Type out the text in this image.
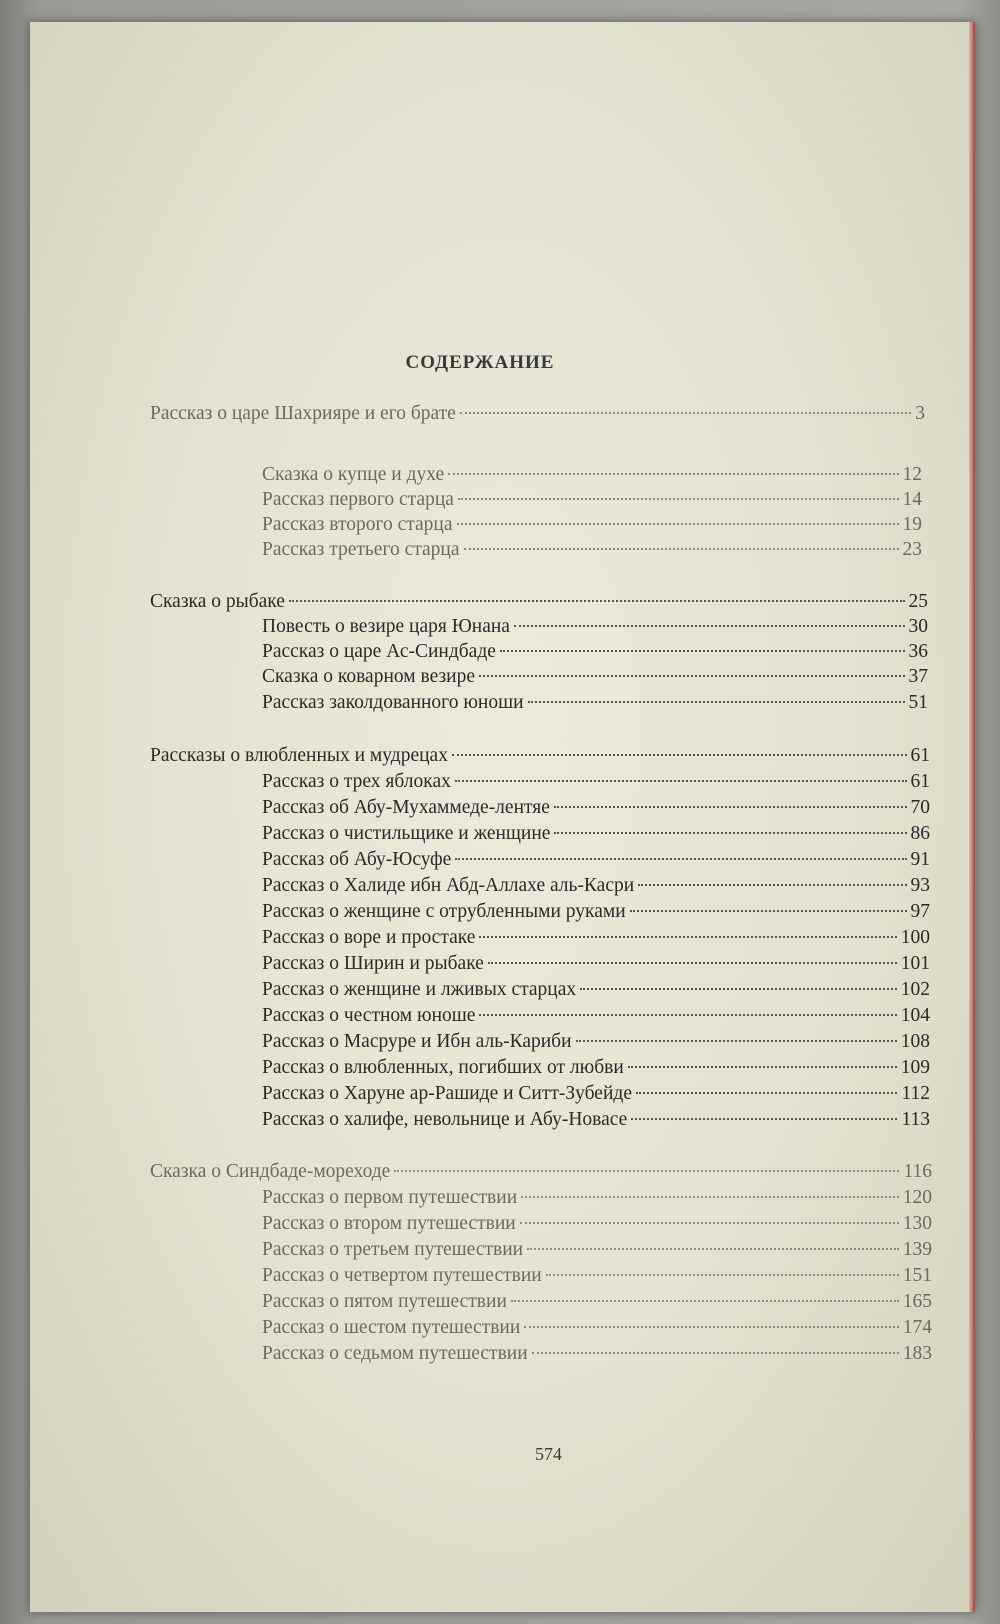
СОДЕРЖАНИЕ
Рассказ о царе Шахрияре и его брате	3
Сказка о купце и духе	12
Рассказ первого старца	14
Рассказ второго старца	19
Рассказ третьего старца	23
Сказка о рыбаке	25
Повесть о везире царя Юнана	30
Рассказ о царе Ас-Синдбаде	36
Сказка о коварном везире	37
Рассказ заколдованного юноши	51
Рассказы о влюбленных и мудрецах	61
Рассказ о трех яблоках	61
Рассказ об Абу-Мухаммеде-лентяе	70
Рассказ о чистильщике и женщине	86
Рассказ об Абу-Юсуфе	91
Рассказ о Халиде ибн Абд-Аллахе аль-Касри	93
Рассказ о женщине с отрубленными руками	97
Рассказ о воре и простаке	100
Рассказ о Ширин и рыбаке	101
Рассказ о женщине и лживых старцах	102
Рассказ о честном юноше	104
Рассказ о Масруре и Ибн аль-Кариби	108
Рассказ о влюбленных, погибших от любви	109
Рассказ о Харуне ар-Рашиде и Ситт-Зубейде	112
Рассказ о халифе, невольнице и Абу-Новасе	113
Сказка о Синдбаде-мореходе	116
Рассказ о первом путешествии	120
Рассказ о втором путешествии	130
Рассказ о третьем путешествии	139
Рассказ о четвертом путешествии	151
Рассказ о пятом путешествии	165
Рассказ о шестом путешествии	174
Рассказ о седьмом путешествии	183
574
